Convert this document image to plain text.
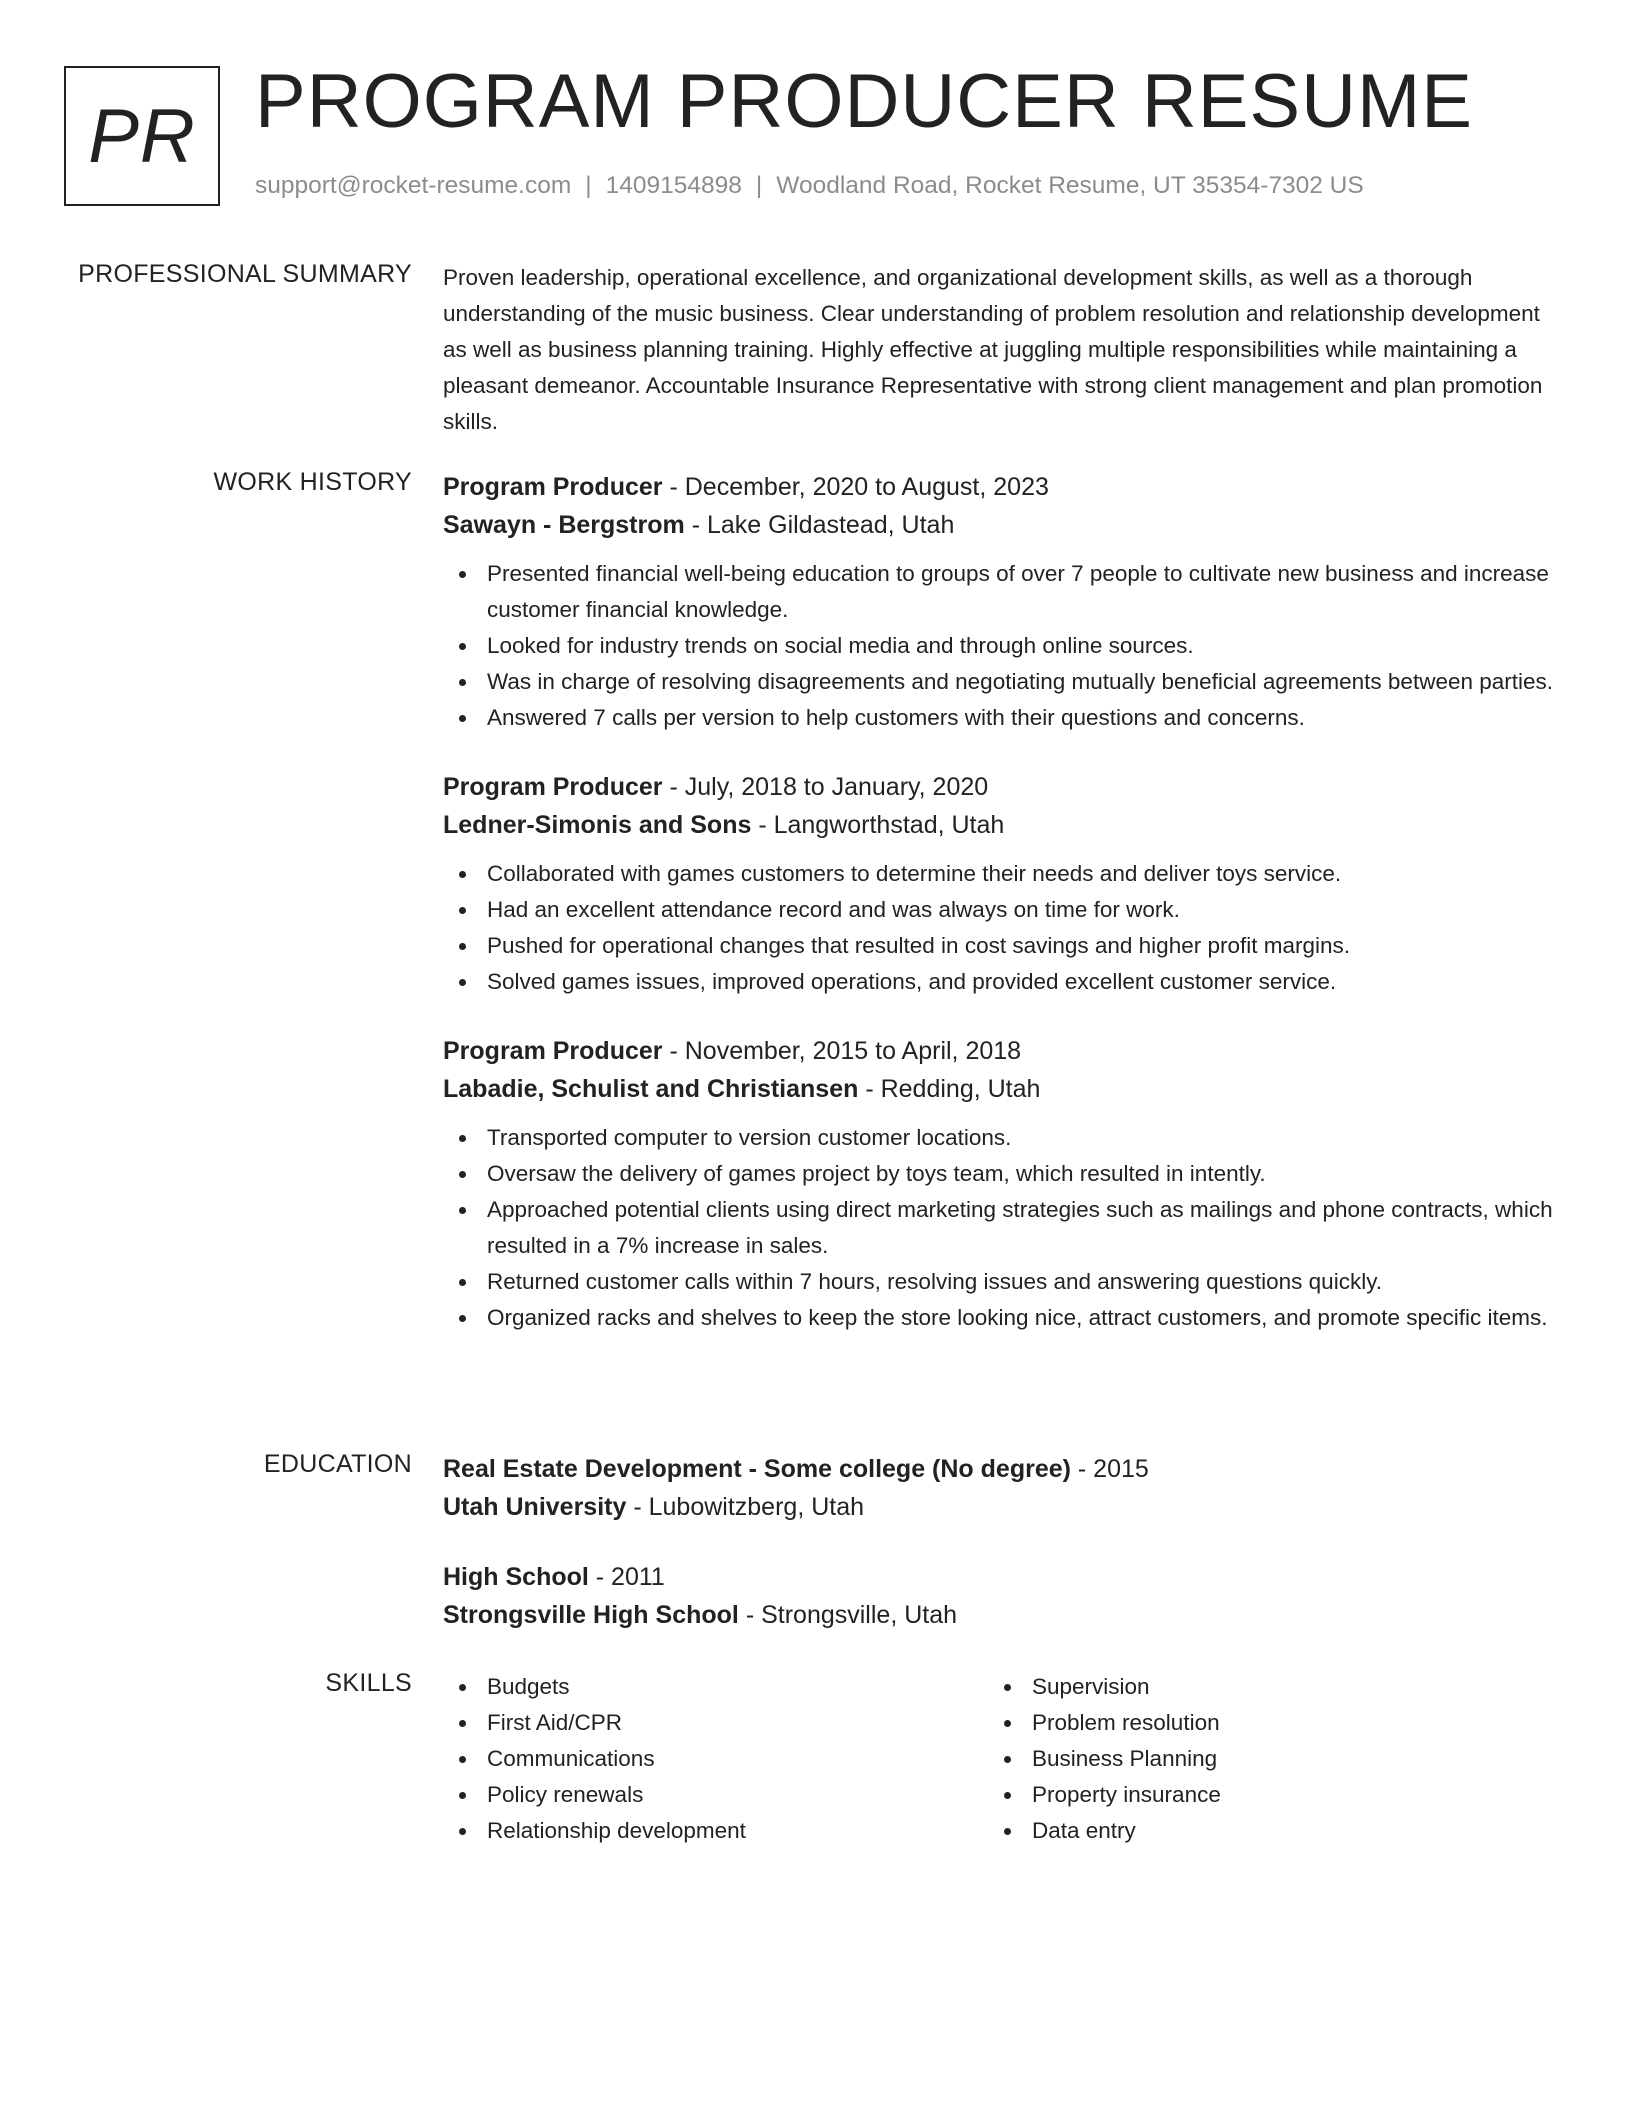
PR PROGRAM PRODUCER RESUME
support@rocket-resume.com | 1409154898 | Woodland Road, Rocket Resume, UT 35354-7302 US
PROFESSIONAL SUMMARY Proven leadership, operational excellence, and organizational development skills, as well as a thorough understanding of the music business. Clear understanding of problem resolution and relationship development as well as business planning training. Highly effective at juggling multiple responsibilities while maintaining a pleasant demeanor. Accountable Insurance Representative with strong client management and plan promotion skills.

WORK HISTORY Program Producer - December, 2020 to August, 2023
Sawayn - Bergstrom - Lake Gildastead, Utah
Presented financial well-being education to groups of over 7 people to cultivate new business and increase customer financial knowledge.
Looked for industry trends on social media and through online sources.
Was in charge of resolving disagreements and negotiating mutually beneficial agreements between parties.
Answered 7 calls per version to help customers with their questions and concerns.
Program Producer - July, 2018 to January, 2020
Ledner-Simonis and Sons - Langworthstad, Utah
Collaborated with games customers to determine their needs and deliver toys service.
Had an excellent attendance record and was always on time for work.
Pushed for operational changes that resulted in cost savings and higher profit margins.
Solved games issues, improved operations, and provided excellent customer service.
Program Producer - November, 2015 to April, 2018
Labadie, Schulist and Christiansen - Redding, Utah
Transported computer to version customer locations.
Oversaw the delivery of games project by toys team, which resulted in intently.
Approached potential clients using direct marketing strategies such as mailings and phone contracts, which resulted in a 7% increase in sales.
Returned customer calls within 7 hours, resolving issues and answering questions quickly.
Organized racks and shelves to keep the store looking nice, attract customers, and promote specific items.
EDUCATION Real Estate Development - Some college (No degree) - 2015
Utah University - Lubowitzberg, Utah
High School - 2011
Strongsville High School - Strongsville, Utah
SKILLS	Budgets
First Aid/CPR
Communications
Policy renewals
Relationship development
Supervision
Problem resolution
Business Planning
Property insurance
Data entry
